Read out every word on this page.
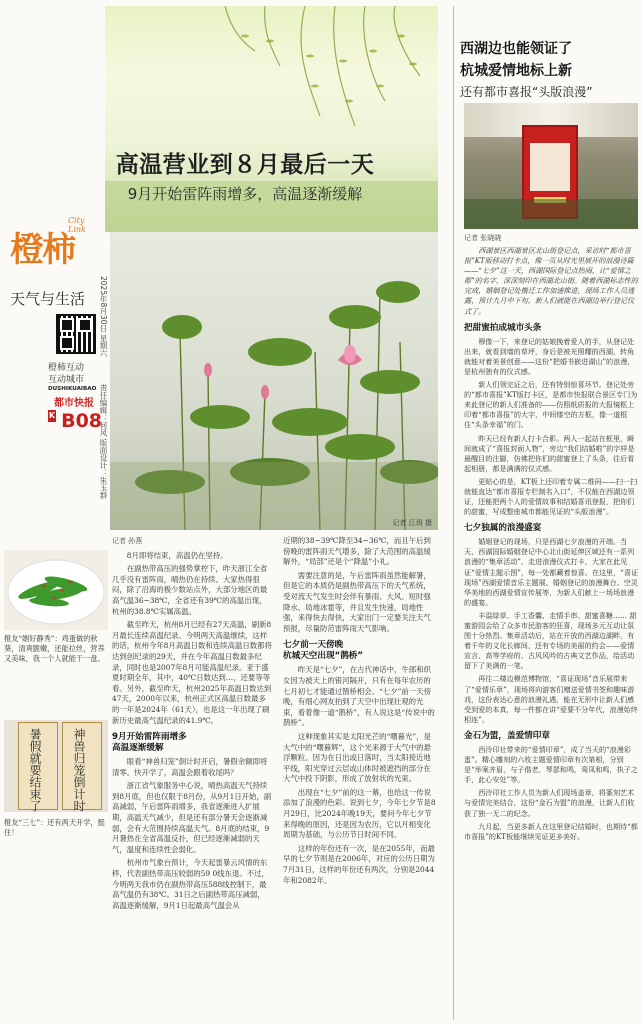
高温营业到８月最后一天
9月开始雷阵雨增多，高温逐渐缓解
橙柿
City Link
天气与生活
橙柿互动
互动城市
DUSHIKUAIBAO
都市快报
K B08
2025年8月30日 星期六
责任编辑：何凤 版面设计：朱玉群
记者 江玥 摄
橙友“姻好静秀”：鸡蛋做的秋葵，清爽脆嫩，还能拉丝，营养又美味，我一个人就能干一盘。
暑假就要结束了	神兽归笼倒计时
橙友“三七”：还有两天开学，挺住！
记者 孙燕

8月即将结束，高温仍在坚持。

在副热带高压的强势掌控下，昨天浙江全省几乎没有雷阵雨，晴热仍在持续。大家热得很闷，除了沿海的极少数站点外，大部分地区的最高气温36~38℃，全省还有39℃的高温出现，杭州的38.8℃实属高温。

截至昨天，杭州8月已经有27天高温，刷新8月最长连续高温纪录。今明两天高温继续，这样的话，杭州今年8月高温日数和连续高温日数都将达到创纪录的29天，并在今年高温日数最多纪录，同时也是2007年8月可能高温纪录。亚于盛夏时期全年，其中，40℃日数达到…，还要等等看。另外，截至昨天，杭州2025年高温日数达到47天，2000年以来，杭州正式区高温日数最多的一年是2024年（61天），也是这一年出现了刷新历史最高气温纪录的41.9℃。

9月开始雷阵雨增多
高温逐渐缓解

眼看“神兽归笼”倒计时开启，暑假余额即将清零。快开学了，高温会跟着收尾吗？

浙江省气象服务中心说，晴热高温天气持续到8月底，但也仅限于8月份，从9月1日开始，副高减弱，午后雷阵雨增多，我省逐渐进入扩展期，高温天气减少，但是还有部分暑天会逐渐减弱，会有大范围持续高温天气。8月底的结束，9月暑热在全省高温反扑，但已经逐渐减弱的天气，温度和连续性会弱化。

杭州市气象台预计，今天起雷暴云风情的东移，代表副热带高压较弱的59 0线东退。不过，今明两天我市仍在副热带高压588线控制下，最高气温仍有38℃。31日之后副热带高压减弱，高温逐渐缓解，9月1日起最高气温会从

近期的38~39℃降至34~36℃，而且午后到傍晚的雷阵雨天气增多，除了大范围的高温缓解外，“局部”还是个“降温”小礼。

需要注意的是，午后雷阵雨虽然能解暑，但是它的本质仍是副热带高压下的天气系统，受对流天气发生时会伴有暴雨、大风、短时强降水、局地冰雹等，并且发生快速，局地性强，来得快去得快，大家出门一定要关注天气预报，尽量防范雷阵雨天气影响。

七夕前一天傍晚
杭城天空出现“鹊桥”

昨天是“七夕”，在古代神话中，牛郎和织女因为被天上的银河隔开，只有在每年农历的七月初七才能通过鹊桥相会。“七夕”前一天傍晚，有细心网友拍到了天空中出现壮观的光束，看着像一道“鹊桥”，有人说这是“传说中的鹊桥”。

这种现象其实是太阳光芒的“曙暮光”，是大气中的“曙暮辉”，这个光来源于大气中的悬浮颗粒。因为在日出或日落时，当太阳接近地平线，阳光穿过云层或山体时被遮挡的部分在大气中投下阴影，形成了放射状的光束。

出现在“七夕”前的这一幕，也给这一传说添加了浪漫的色彩。说到七夕，今年七夕节是8月29日，比2024年晚19天，要问今年七夕节来得晚的原因，还是因为农历，它以月相变化周期为基础，与公历节日时间不同。

这样的年份还有一次，是在2055年，而最早的七夕节则是在2006年，对应的公历日期为7月31日，这样的年份还有两次，分别是2044年和2082年。

西湖边也能领证了
杭城爱情地标上新
还有都市喜报“头版浪漫”
记者 张晓晓

西湖景区西湖景区北山街登记点，采访时“都市喜报”KT版移动打卡点，像一页从时光里展开的浪漫诗篇——“七夕”这一天，西湖国际登记点热闹，让“爱情之都”的名字，深深刻印在西湖北山街。随着西湖标志性的完成，婚姻登记处搬迁工作加速推进，现场工作人员透露，预计九月中下旬，新人们就能在西湖边举行登记仪式了。

把甜蜜拍成城市头条

穆像一下，来登记的姑娘挽着爱人的手，从登记处出来，就看到墙的草坪，身后是被光照耀的西湖，转角就能对着美景创意——这份“把婚书嵌进湖山”的浪漫，是杭州独有的仪式感。

新人们领完证之后，还有特别惊喜环节。登记处旁的“都市喜报”KT版打卡区，是都市快报联合景区专门为来此登记的新人们准备的——仿照纸质报的大报镜框上印着“都市喜报”的大字，中间镂空的方框，像一道框住“头条幸福”的门。

昨天已经有新人打卡合影。两人一起站在框里，瞬间就成了“喜报封面人物”，旁边“我们结婚啦”的字样是最醒目的注脚，仿佛把你们的甜蜜登上了头条，往后看起相册，都是满满的仪式感。

更贴心的是，KT板上还印着专属二维码——扫一扫就能直达“都市喜报专栏制名入口”，不仅能在西湖边领证，还能把两个人的爱情故事和结婚喜讯登报，把你们的甜蜜，写成整座城市都能见证的“头版浪漫”。

七夕独属的浪漫盛宴

婚姻登记的现场，只是西湖七夕浪漫的开端。当天，西湖国际婚姻登记中心北山街延伸区域还有一系列浪漫的“集章活动”，走进浪漫仪式打卡，大家在此见证“爱情主题示图”，每一处都藏着惊喜。在这里，“喜证现场”西湖爱情音乐主题展、婚姻登记的浪漫舞台、空灵华美地的西湖爱情宣传展等，为新人们献上一场场浪漫的盛宴。

丰溢绿草、手工香囊、走情手串、甜蜜喜糖…… 甜蜜游园会给了众多市民游客的狂喜，现场多元互动让氛围十分热烈。集章活动后，站在开放的西湖边湖畔，有着千年的文化长廊间，还有专场的美丽的约会——爱情宣言、高等学府的、古风风吟的古典文艺作品，给活动留下了美满的一笔。

再往二楼边模范博物馆，“喜证现场”音乐展带来了“爱情乐章”，现场将向游客们赠送爱情书签和趣味游戏，这份表达心意的浪漫礼遇，能在无形中让新人们感受到爱的本真，每一件都在讲“爱要不分年代，浪漫始终相连”。

金石为盟，盖爱情印章

西泠印社带来的“爱情印章”，成了当天的“浪漫彩蛋”。精心雕刻的六枚主题爱情印章有次第相，分别是“举案齐眉，与子偕老，琴瑟和鸣，鸾凤和鸣，执子之手，此心安处”等。

西泠印社工作人员为新人们现场盖章，将篆刻艺术与爱情完美结合，这份“金石为盟”的浪漫，让新人们收获了独一无二的纪念。

九月起，当更多新人在这里登记结婚时，也期待“都市喜报”的KT板能继续见证更多美好。
